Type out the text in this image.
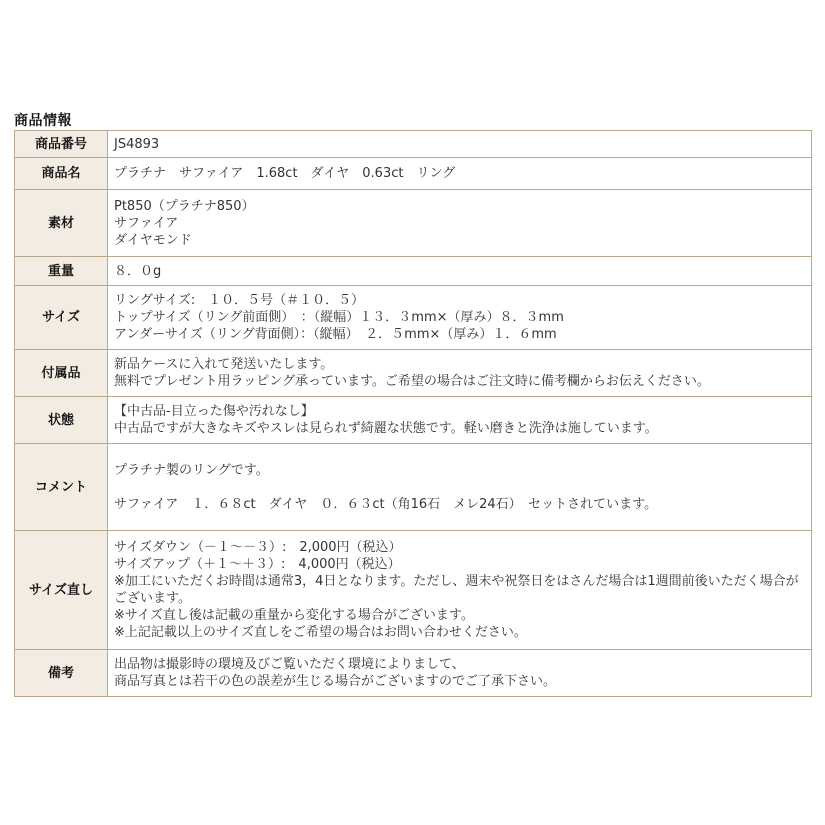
商品情報
商品番号	JS4893

商品名	プラチナ　サファイア　1.68ct　ダイヤ　0.63ct　リング

素材	Pt850（プラチナ850）
サファイア
ダイヤモンド

重量	８．０g

サイズ	リングサイズ:　１０．５号（＃１０．５）
トップサイズ（リング前面側）　：（縦幅）１３．３mm×（厚み）８．３mm
アンダーサイズ（リング背面側）：（縦幅）　２．５mm×（厚み）１．６mm

付属品	新品ケースに入れて発送いたします。
無料でプレゼント用ラッピング承っています。ご希望の場合はご注文時に備考欄からお伝えください。

状態	【中古品-目立った傷や汚れなし】
中古品ですが大きなキズやスレは見られず綺麗な状態です。軽い磨きと洗浄は施しています。

コメント	プラチナ製のリングです。
サファイア　１．６８ct　ダイヤ　０．６３ct（角16石　メレ24石）　セットされています。

サイズ直し	サイズダウン（－１～－３）:　2,000円（税込）
サイズアップ（＋１～＋３）:　4,000円（税込）
※加工にいただくお時間は通常3，4日となります。ただし、週末や祝祭日をはさんだ場合は1週間前後いただく場合がございます。
※サイズ直し後は記載の重量から変化する場合がございます。
※上記記載以上のサイズ直しをご希望の場合はお問い合わせください。

備考	出品物は撮影時の環境及びご覧いただく環境によりまして、
商品写真とは若干の色の誤差が生じる場合がございますのでご了承下さい。
